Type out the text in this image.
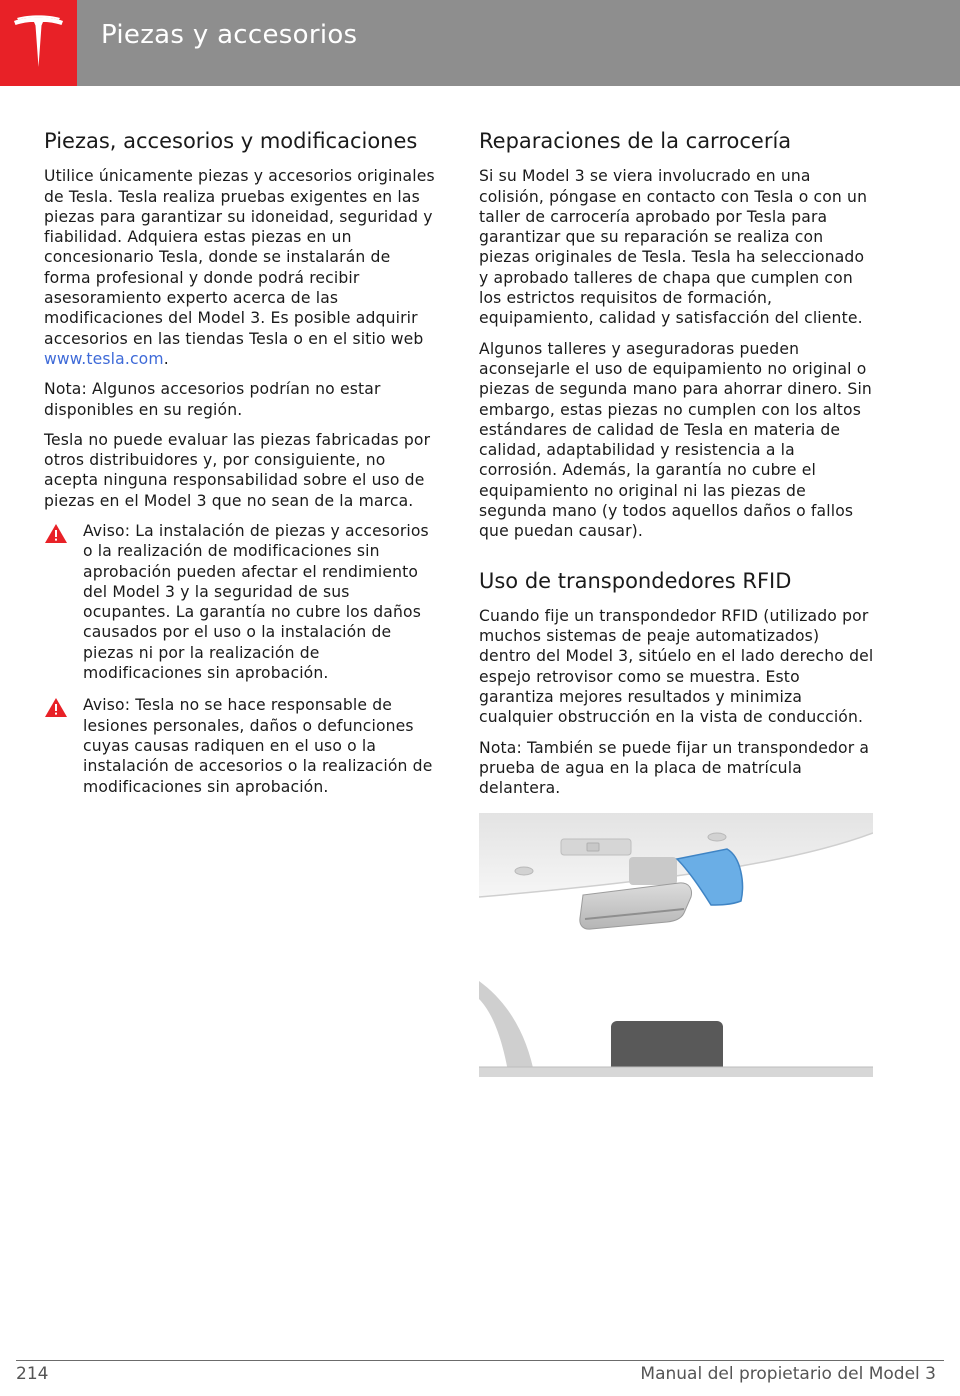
Piezas y accesorios
Piezas, accesorios y modificaciones

Utilice únicamente piezas y accesorios originales de Tesla. Tesla realiza pruebas exigentes en las piezas para garantizar su idoneidad, seguridad y fiabilidad. Adquiera estas piezas en un concesionario Tesla, donde se instalarán de forma profesional y donde podrá recibir asesoramiento experto acerca de las modificaciones del Model 3. Es posible adquirir accesorios en las tiendas Tesla o en el sitio web www.tesla.com.

Nota: Algunos accesorios podrían no estar disponibles en su región.

Tesla no puede evaluar las piezas fabricadas por otros distribuidores y, por consiguiente, no acepta ninguna responsabilidad sobre el uso de piezas en el Model 3 que no sean de la marca.

Aviso: La instalación de piezas y accesorios o la realización de modificaciones sin aprobación pueden afectar el rendimiento del Model 3 y la seguridad de sus ocupantes. La garantía no cubre los daños causados por el uso o la instalación de piezas ni por la realización de modificaciones sin aprobación.

Aviso: Tesla no se hace responsable de lesiones personales, daños o defunciones cuyas causas radiquen en el uso o la instalación de accesorios o la realización de modificaciones sin aprobación.

Reparaciones de la carrocería

Si su Model 3 se viera involucrado en una colisión, póngase en contacto con Tesla o con un taller de carrocería aprobado por Tesla para garantizar que su reparación se realiza con piezas originales de Tesla. Tesla ha seleccionado y aprobado talleres de chapa que cumplen con los estrictos requisitos de formación, equipamiento, calidad y satisfacción del cliente.

Algunos talleres y aseguradoras pueden aconsejarle el uso de equipamiento no original o piezas de segunda mano para ahorrar dinero. Sin embargo, estas piezas no cumplen con los altos estándares de calidad de Tesla en materia de calidad, adaptabilidad y resistencia a la corrosión. Además, la garantía no cubre el equipamiento no original ni las piezas de segunda mano (y todos aquellos daños o fallos que puedan causar).

Uso de transpondedores RFID

Cuando fije un transpondedor RFID (utilizado por muchos sistemas de peaje automatizados) dentro del Model 3, sitúelo en el lado derecho del espejo retrovisor como se muestra. Esto garantiza mejores resultados y minimiza cualquier obstrucción en la vista de conducción.

Nota: También se puede fijar un transpondedor a prueba de agua en la placa de matrícula delantera.

214	Manual del propietario del Model 3
